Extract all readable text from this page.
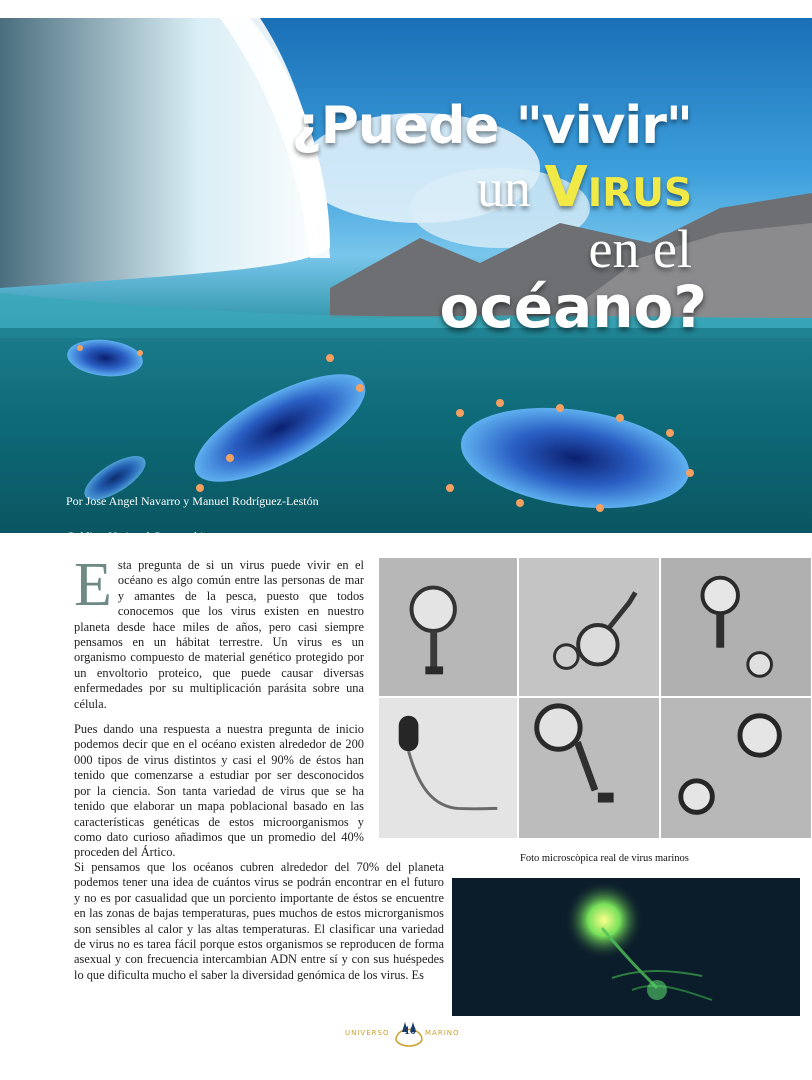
¿Puede "vivir"
un Virus
en el
océano?
Por Jose Angel Navarro y Manuel Rodríguez-Lestón
Crédito: National Geographic

Esta pregunta de si un virus puede vivir en el océano es algo común entre las personas de mar y amantes de la pesca, puesto que todos conocemos que los virus existen en nuestro planeta desde hace miles de años, pero casi siempre pensamos en un hábitat terrestre. Un virus es un organismo compuesto de material genético protegido por un envoltorio proteico, que puede causar diversas enfermedades por su multiplicación parásita sobre una célula.

Pues dando una respuesta a nuestra pregunta de inicio podemos decir que en el océano existen alrededor de 200 000 tipos de virus distintos y casi el 90% de éstos han tenido que comenzarse a estudiar por ser desconocidos por la ciencia. Son tanta variedad de virus que se ha tenido que elaborar un mapa poblacional basado en las características genéticas de estos microorganismos y como dato curioso añadimos que un promedio del 40% proceden del Ártico.

Si pensamos que los océanos cubren alrededor del 70% del planeta podemos tener una idea de cuántos virus se podrán encontrar en el futuro y no es por casualidad que un porciento importante de éstos se encuentre en las zonas de bajas temperaturas, pues muchos de estos microrganismos son sensibles al calor y las altas temperaturas. El clasificar una variedad de virus no es tarea fácil porque estos organismos se reproducen de forma asexual y con frecuencia intercambian ADN entre sí y con sus huéspedes lo que dificulta mucho el saber la diversidad genómica de los virus. Es

Foto microscòpica real de virus marinos
UNIVERSO	10	MARINO
